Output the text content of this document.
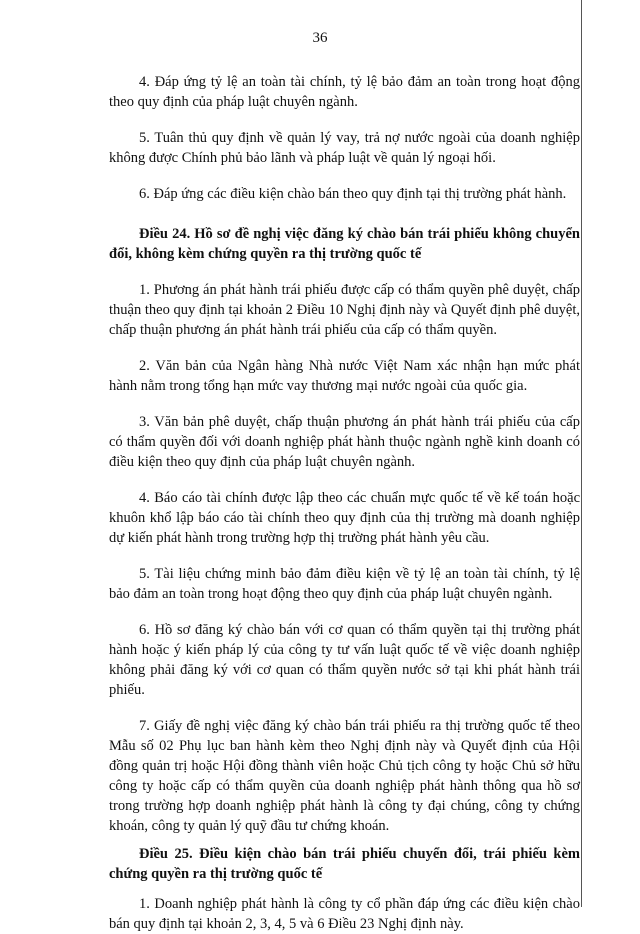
36

4. Đáp ứng tỷ lệ an toàn tài chính, tỷ lệ bảo đảm an toàn trong hoạt động theo quy định của pháp luật chuyên ngành.

5. Tuân thủ quy định về quản lý vay, trả nợ nước ngoài của doanh nghiệp không được Chính phủ bảo lãnh và pháp luật về quản lý ngoại hối.

6. Đáp ứng các điều kiện chào bán theo quy định tại thị trường phát hành.

Điều 24. Hồ sơ đề nghị việc đăng ký chào bán trái phiếu không chuyển đổi, không kèm chứng quyền ra thị trường quốc tế

1. Phương án phát hành trái phiếu được cấp có thẩm quyền phê duyệt, chấp thuận theo quy định tại khoản 2 Điều 10 Nghị định này và Quyết định phê duyệt, chấp thuận phương án phát hành trái phiếu của cấp có thẩm quyền.

2. Văn bản của Ngân hàng Nhà nước Việt Nam xác nhận hạn mức phát hành nằm trong tổng hạn mức vay thương mại nước ngoài của quốc gia.

3. Văn bản phê duyệt, chấp thuận phương án phát hành trái phiếu của cấp có thẩm quyền đối với doanh nghiệp phát hành thuộc ngành nghề kinh doanh có điều kiện theo quy định của pháp luật chuyên ngành.

4. Báo cáo tài chính được lập theo các chuẩn mực quốc tế về kế toán hoặc khuôn khổ lập báo cáo tài chính theo quy định của thị trường mà doanh nghiệp dự kiến phát hành trong trường hợp thị trường phát hành yêu cầu.

5. Tài liệu chứng minh bảo đảm điều kiện về tỷ lệ an toàn tài chính, tỷ lệ bảo đảm an toàn trong hoạt động theo quy định của pháp luật chuyên ngành.

6. Hồ sơ đăng ký chào bán với cơ quan có thẩm quyền tại thị trường phát hành hoặc ý kiến pháp lý của công ty tư vấn luật quốc tế về việc doanh nghiệp không phải đăng ký với cơ quan có thẩm quyền nước sở tại khi phát hành trái phiếu.

7. Giấy đề nghị việc đăng ký chào bán trái phiếu ra thị trường quốc tế theo Mẫu số 02 Phụ lục ban hành kèm theo Nghị định này và Quyết định của Hội đồng quản trị hoặc Hội đồng thành viên hoặc Chủ tịch công ty hoặc Chủ sở hữu công ty hoặc cấp có thẩm quyền của doanh nghiệp phát hành thông qua hồ sơ trong trường hợp doanh nghiệp phát hành là công ty đại chúng, công ty chứng khoán, công ty quản lý quỹ đầu tư chứng khoán.

Điều 25. Điều kiện chào bán trái phiếu chuyển đổi, trái phiếu kèm chứng quyền ra thị trường quốc tế

1. Doanh nghiệp phát hành là công ty cổ phần đáp ứng các điều kiện chào bán quy định tại khoản 2, 3, 4, 5 và 6 Điều 23 Nghị định này.
